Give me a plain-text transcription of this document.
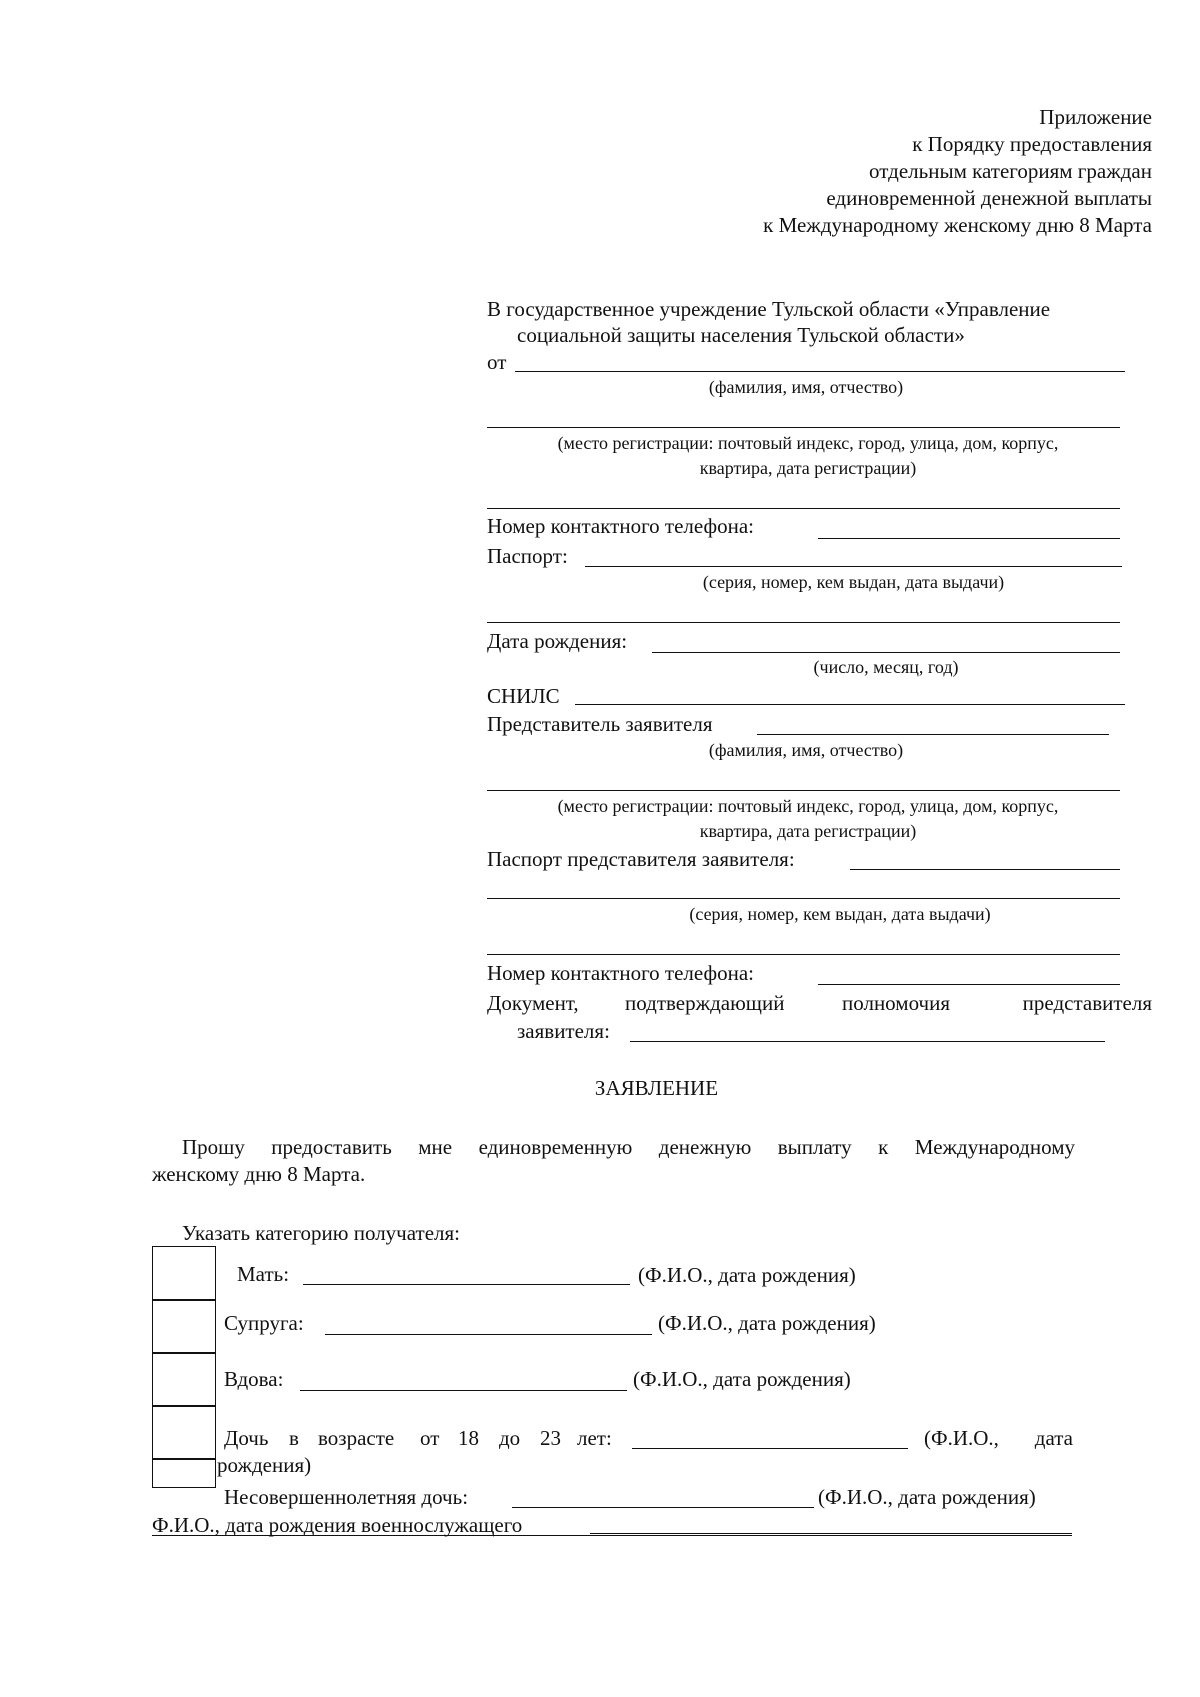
Приложение
к Порядку предоставления
отдельным категориям граждан
единовременной денежной выплаты
к Международному женскому дню 8 Марта
В государственное учреждение Тульской области «Управление
социальной защиты населения Тульской области»
от
(фамилия, имя, отчество)
(место регистрации: почтовый индекс, город, улица, дом, корпус,
квартира, дата регистрации)
Номер контактного телефона:
Паспорт:
(серия, номер, кем выдан, дата выдачи)
Дата рождения:
(число, месяц, год)
СНИЛС
Представитель заявителя
(фамилия, имя, отчество)
(место регистрации: почтовый индекс, город, улица, дом, корпус,
квартира, дата регистрации)
Паспорт представителя заявителя:
(серия, номер, кем выдан, дата выдачи)
Номер контактного телефона:
Документ, подтверждающий	полномочия	представителя
заявителя:
ЗАЯВЛЕНИЕ
Прошу предоставить мне единовременную денежную выплату к Международному
женскому дню 8 Марта.
Указать категорию получателя:
Мать:	(Ф.И.О., дата рождения)
Супруга:	(Ф.И.О., дата рождения)
Вдова:	(Ф.И.О., дата рождения)
Дочь в возрасте от 18 до 23 лет:	(Ф.И.О., дата
рождения)
Несовершеннолетняя дочь:	(Ф.И.О., дата рождения)
Ф.И.О., дата рождения военнослужащего
